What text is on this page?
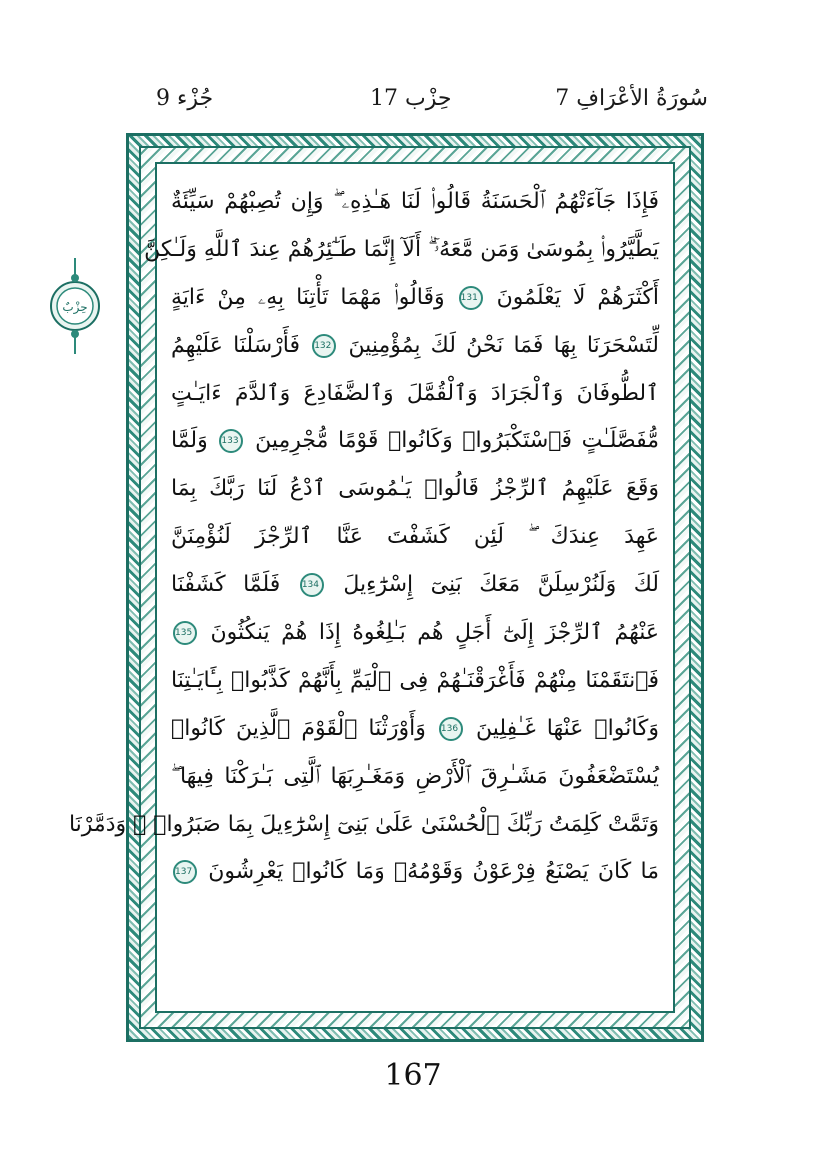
جُزْء 9	حِزْب 17	7 سُورَةُ الأعْرَافِ
حِزْبٌ
فَإِذَا جَآءَتْهُمُ ٱلْحَسَنَةُ قَالُوا۟ لَنَا هَـٰذِهِۦ ۖ وَإِن تُصِبْهُمْ سَيِّئَةٌ
يَطَّيَّرُوا۟ بِمُوسَىٰ وَمَن مَّعَهُۥٓ ۗ أَلَآ إِنَّمَا طَـٰٓئِرُهُمْ عِندَ ٱللَّهِ وَلَـٰكِنَّ
أَكْثَرَهُمْ لَا يَعْلَمُونَ 131 وَقَالُوا۟ مَهْمَا تَأْتِنَا بِهِۦ مِنْ ءَايَةٍ
لِّتَسْحَرَنَا بِهَا فَمَا نَحْنُ لَكَ بِمُؤْمِنِينَ 132 فَأَرْسَلْنَا عَلَيْهِمُ
ٱلطُّوفَانَ وَٱلْجَرَادَ وَٱلْقُمَّلَ وَٱلضَّفَادِعَ وَٱلدَّمَ ءَايَـٰتٍ
مُّفَصَّلَـٰتٍ فَٱسْتَكْبَرُوا۟ وَكَانُوا۟ قَوْمًا مُّجْرِمِينَ 133 وَلَمَّا
وَقَعَ عَلَيْهِمُ ٱلرِّجْزُ قَالُوا۟ يَـٰمُوسَى ٱدْعُ لَنَا رَبَّكَ بِمَا
عَهِدَ عِندَكَ ۖ لَئِن كَشَفْتَ عَنَّا ٱلرِّجْزَ لَنُؤْمِنَنَّ
لَكَ وَلَنُرْسِلَنَّ مَعَكَ بَنِىٓ إِسْرَٰٓءِيلَ 134 فَلَمَّا كَشَفْنَا
عَنْهُمُ ٱلرِّجْزَ إِلَىٰٓ أَجَلٍ هُم بَـٰلِغُوهُ إِذَا هُمْ يَنكُثُونَ 135
فَٱنتَقَمْنَا مِنْهُمْ فَأَغْرَقْنَـٰهُمْ فِى ٱلْيَمِّ بِأَنَّهُمْ كَذَّبُوا۟ بِـَٔايَـٰتِنَا
وَكَانُوا۟ عَنْهَا غَـٰفِلِينَ 136 وَأَوْرَثْنَا ٱلْقَوْمَ ٱلَّذِينَ كَانُوا۟
يُسْتَضْعَفُونَ مَشَـٰرِقَ ٱلْأَرْضِ وَمَغَـٰرِبَهَا ٱلَّتِى بَـٰرَكْنَا فِيهَا ۖ
وَتَمَّتْ كَلِمَتُ رَبِّكَ ٱلْحُسْنَىٰ عَلَىٰ بَنِىٓ إِسْرَٰٓءِيلَ بِمَا صَبَرُوا۟ ۖ وَدَمَّرْنَا
مَا كَانَ يَصْنَعُ فِرْعَوْنُ وَقَوْمُهُۥ وَمَا كَانُوا۟ يَعْرِشُونَ 137
167
